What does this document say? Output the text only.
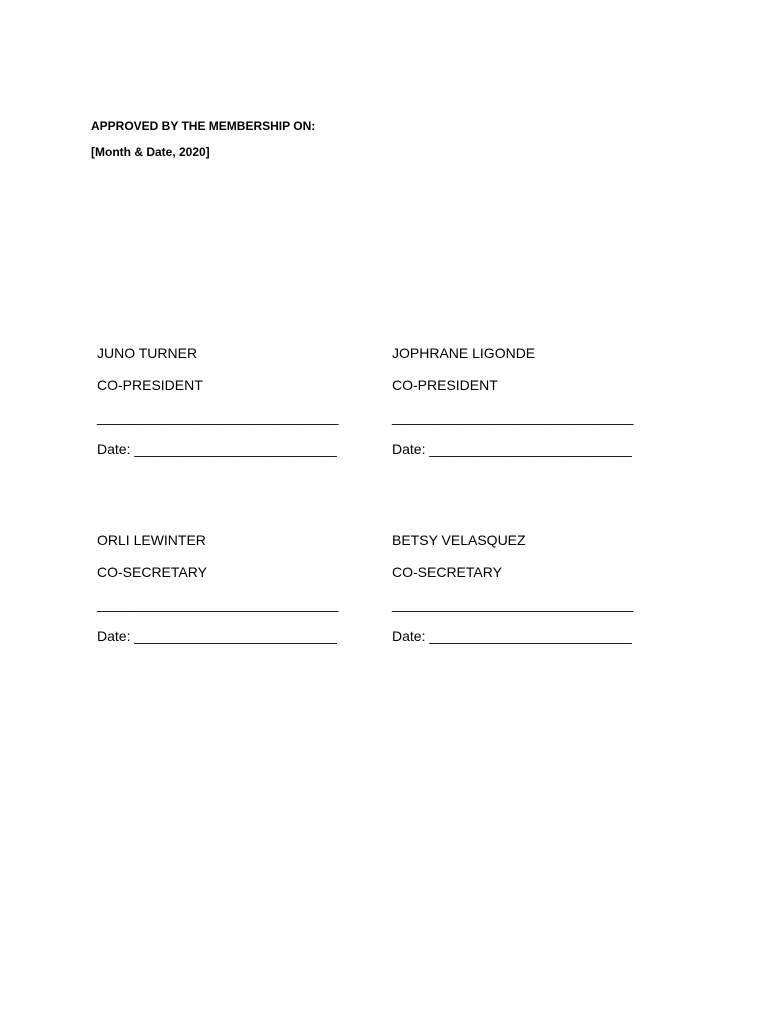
APPROVED BY THE MEMBERSHIP ON:
[Month & Date, 2020]
JUNO TURNER
CO-PRESIDENT
_______________________________
Date: __________________________
JOPHRANE LIGONDE
CO-PRESIDENT
_______________________________
Date: __________________________
ORLI LEWINTER
CO-SECRETARY
_______________________________
Date: __________________________
BETSY VELASQUEZ
CO-SECRETARY
_______________________________
Date: __________________________
